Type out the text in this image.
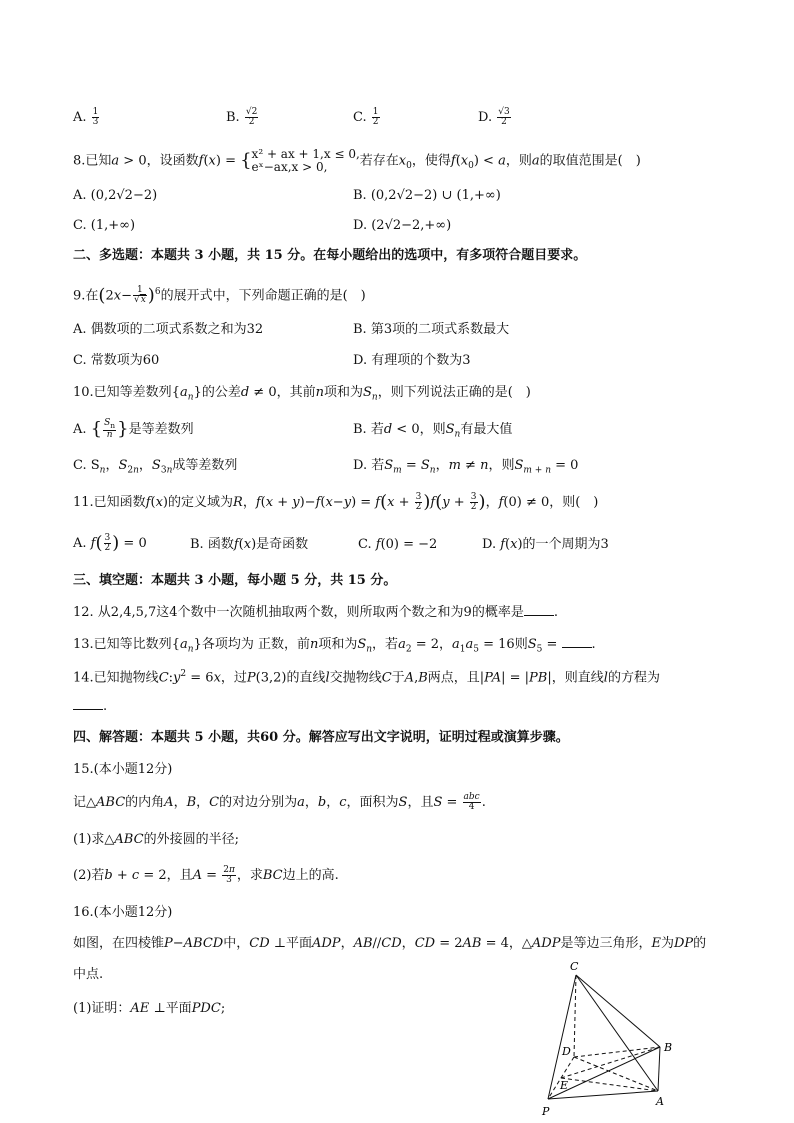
A. $\frac{1}{3}$	B. $\frac{√2}{2}$	C. $\frac{1}{2}$	D. $\frac{√3}{2}$
8.已知a > 0，设函数f(x) = {x² + ax + 1,x ≤ 0,
eˣ−ax,x > 0, 若存在$x_0$，使得$f(x_0) < a$，则a的取值范围是(　)
A. (0,2√2−2)	B. (0,2√2−2) ∪ (1,+∞)
C. (1,+∞)	D. (2√2−2,+∞)
二、多选题：本题共 3 小题，共 15 分。在每小题给出的选项中，有多项符合题目要求。
9.在$(2x- \frac{1}{√x} )^6$的展开式中，下列命题正确的是(　)
A. 偶数项的二项式系数之和为32	B. 第3项的二项式系数最大
C. 常数项为60	D. 有理项的个数为3
10.已知等差数列$\{a_n\}$的公差d ≠ 0，其前n项和为$S_n$，则下列说法正确的是(　)
A. { $\frac{S_n}{n}$ }是等差数列	B. 若d < 0，则$S_n$有最大值
C. $S_n$，$S_{2n}$，$S_{3n}$成等差数列	D. 若$S_m = S_n$，m ≠ n，则$S_{m + n} = 0$
11.已知函数f(x)的定义域为R，$f(x + y)-f(x-y) = f(x + \frac{3}{2} )f(y + \frac{3}{2}$ )，f(0) ≠ 0，则(　)
A. $f( \frac{3}{2}$ ) = 0	B. 函数f(x)是奇函数	C. f(0) = −2	D. f(x)的一个周期为3
三、填空题：本题共 3 小题，每小题 5 分，共 15 分。
12. 从2,4,5,7这4个数中一次随机抽取两个数，则所取两个数之和为9的概率是 .
13.已知等比数列$\{a_n\}$各项均为 正数，前n项和为$S_n$，若$a_2 = 2$，$a_1a_5 = 16$则$S_5$ = .
14.已知抛物线$C:y^2 = 6x$，过P(3,2)的直线l交抛物线C于A,B两点，且|PA| = |PB|，则直线l的方程为
.
四、解答题：本题共 5 小题，共60 分。解答应写出文字说明，证明过程或演算步骤。
15.(本小题12分)
记△ABC的内角A，B，C的对边分别为a，b，c，面积为S，且$S = \frac{\text{abc}}{4}$ .
(1)求△ABC的外接圆的半径;
(2)若b + c = 2，且$A = \frac{2\pi}{3}$ ，求BC边上的高.
16.(本小题12分)
如图，在四棱锥P−ABCD中，CD ⊥平面ADP，AB//CD，CD = 2AB = 4，△ADP是等边三角形，E为DP的
中点.
(1)证明：AE ⊥平面PDC;
C
B
D
E
P
A
